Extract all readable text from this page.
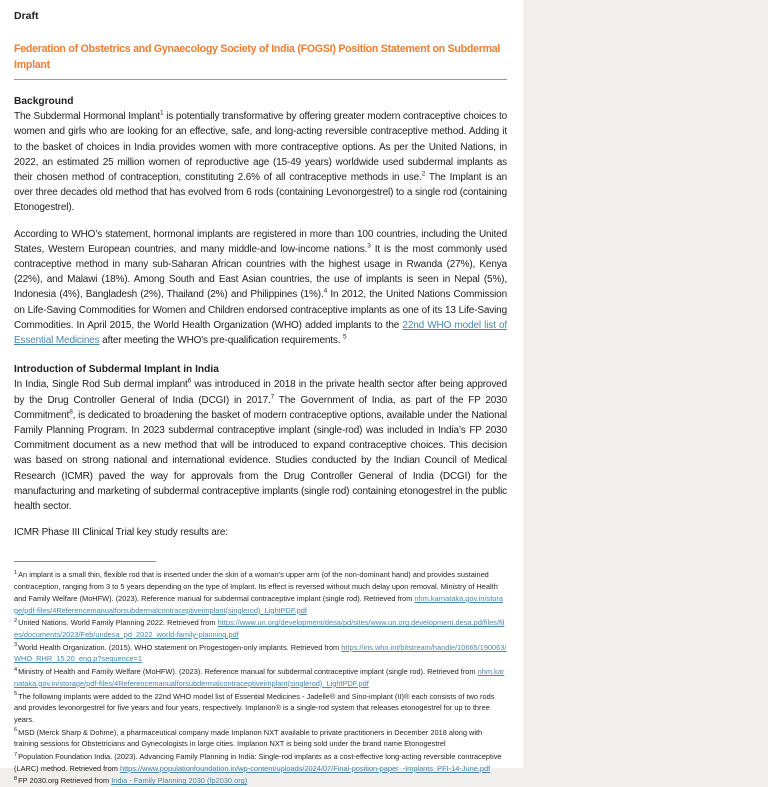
Draft
Federation of Obstetrics and Gynaecology Society of India (FOGSI) Position Statement on Subdermal Implant
Background

The Subdermal Hormonal Implant$^1$ is potentially transformative by offering greater modern contraceptive choices to women and girls who are looking for an effective, safe, and long-acting reversible contraceptive method. Adding it to the basket of choices in India provides women with more contraceptive options. As per the United Nations, in 2022, an estimated 25 million women of reproductive age (15-49 years) worldwide used subdermal implants as their chosen method of contraception, constituting 2.6% of all contraceptive methods in use.$^2$ The Implant is an over three decades old method that has evolved from 6 rods (containing Levonorgestrel) to a single rod (containing Etonogestrel).

According to WHO’s statement, hormonal implants are registered in more than 100 countries, including the United States, Western European countries, and many middle-and low-income nations.$^3$ It is the most commonly used contraceptive method in many sub-Saharan African countries with the highest usage in Rwanda (27%), Kenya (22%), and Malawi (18%). Among South and East Asian countries, the use of implants is seen in Nepal (5%), Indonesia (4%), Bangladesh (2%), Thailand (2%) and Philippines (1%).$^4$ In 2012, the United Nations Commission on Life-Saving Commodities for Women and Children endorsed contraceptive implants as one of its 13 Life-Saving Commodities. In April 2015, the World Health Organization (WHO) added implants to the 22nd WHO model list of Essential Medicines after meeting the WHO's pre-qualification requirements. $^5$

Introduction of Subdermal Implant in India

In India, Single Rod Sub dermal implant$^6$ was introduced in 2018 in the private health sector after being approved by the Drug Controller General of India (DCGI) in 2017.$^7$ The Government of India, as part of the FP 2030 Commitment$^8$, is dedicated to broadening the basket of modern contraceptive options, available under the National Family Planning Program. In 2023 subdermal contraceptive implant (single-rod) was included in India’s FP 2030 Commitment document as a new method that will be introduced to expand contraceptive choices. This decision was based on strong national and international evidence. Studies conducted by the Indian Council of Medical Research (ICMR) paved the way for approvals from the Drug Controller General of India (DCGI) for the manufacturing and marketing of subdermal contraceptive implants (single rod) containing etonogestrel in the public health sector.

ICMR Phase III Clinical Trial key study results are:

$^1$An implant is a small thin, flexible rod that is inserted under the skin of a woman’s upper arm (of the non-dominant hand) and provides sustained contraception, ranging from 3 to 5 years depending on the type of Implant. Its effect is reversed without much delay upon removal. Ministry of Health and Family Welfare (MoHFW). (2023). Reference manual for subdermal contraceptive implant (single rod). Retrieved from nhm.karnataka.gov.in/storage/pdf-files/4Referencemanualforsubdermalcontraceptiveimplant(singlerod)_LightPDF.pdf
$^2$United Nations. World Family Planning 2022. Retrieved from https://www.un.org/development/desa/pd/sites/www.un.org.development.desa.pd/files/files/documents/2023/Feb/undesa_pd_2022_world-family-planning.pdf
$^3$World Health Organization. (2015). WHO statement on Progestogen-only implants. Retrieved from https://iris.who.int/bitstream/handle/10665/190063/WHO_RHR_15.20_eng.p?sequence=1
$^4$Ministry of Health and Family Welfare (MoHFW). (2023). Reference manual for subdermal contraceptive implant (single rod). Retrieved from nhm.karnataka.gov.in/storage/pdf-files/4Referencemanualforsubdermalcontraceptiveimplant(singlerod)_LightPDF.pdf
$^5$The following implants were added to the 22nd WHO model list of Essential Medicines - Jadelle® and Sino-implant (II)® each consists of two rods and provides levonorgestrel for five years and four years, respectively. Implanon® is a single-rod system that releases etonogestrel for up to three years.
$^6$MSD (Merck Sharp & Dohme), a pharmaceutical company made Implanon NXT available to private practitioners in December 2018 along with training sessions for Obstetricians and Gynecologists in large cities. Implanon NXT is being sold under the brand name Etonogestrel
$^7$Population Foundation India. (2023). Advancing Family Planning in India: Single-rod implants as a cost-effective long-acting reversible contraceptive (LARC) method. Retrieved from https://www.populationfoundation.in/wp-content/uploads/2024/07/Final-position-paper_-Implants_PFI-14-June.pdf
$^8$FP 2030.org Retrieved from India - Family Planning 2030 (fp2030.org)
